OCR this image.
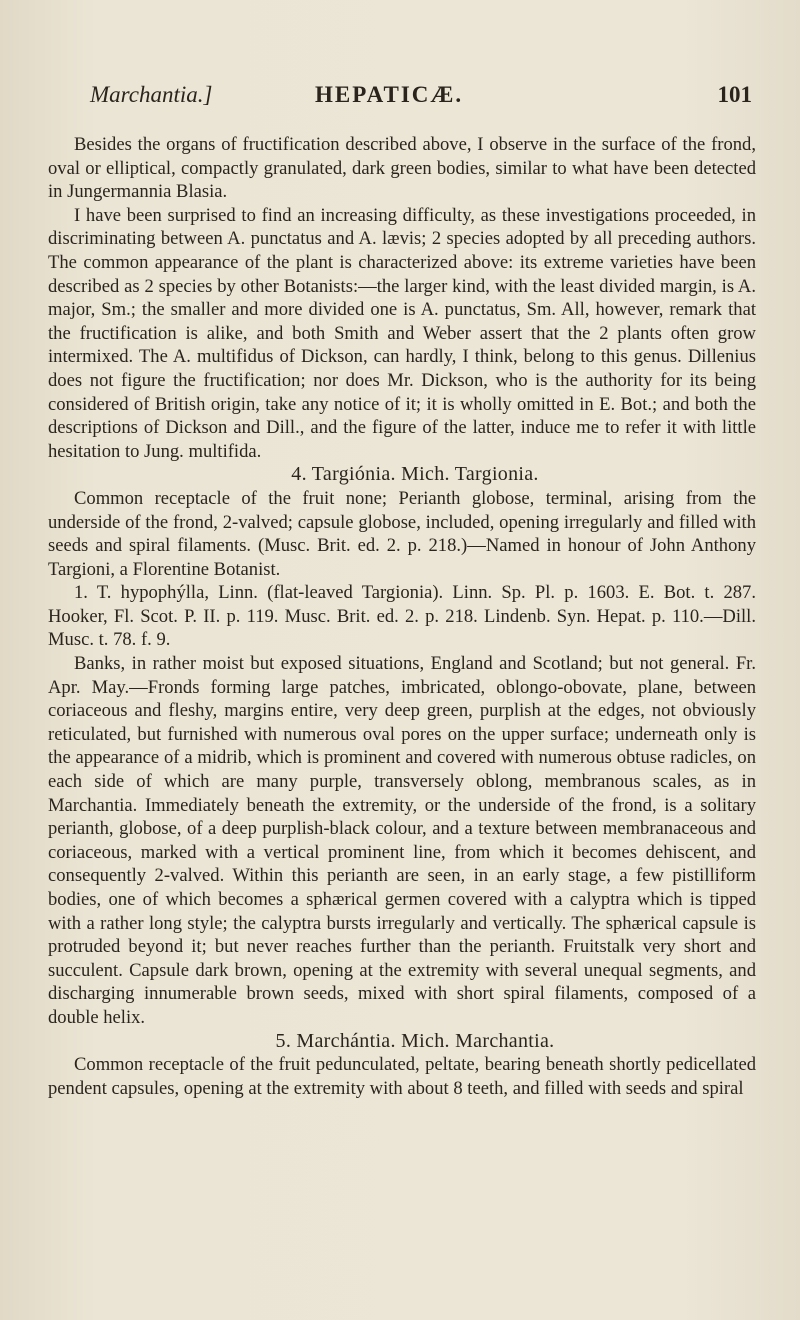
Marchantia.]	HEPATICÆ.	101

Besides the organs of fructification described above, I observe in the surface of the frond, oval or elliptical, compactly granulated, dark green bodies, similar to what have been detected in Jungermannia Blasia.

I have been surprised to find an increasing difficulty, as these investigations proceeded, in discriminating between A. punctatus and A. lævis; 2 species adopted by all preceding authors. The common appearance of the plant is characterized above: its extreme varieties have been described as 2 species by other Botanists:—the larger kind, with the least divided margin, is A. major, Sm.; the smaller and more divided one is A. punctatus, Sm. All, however, remark that the fructification is alike, and both Smith and Weber assert that the 2 plants often grow intermixed. The A. multifidus of Dickson, can hardly, I think, belong to this genus. Dillenius does not figure the fructification; nor does Mr. Dickson, who is the authority for its being considered of British origin, take any notice of it; it is wholly omitted in E. Bot.; and both the descriptions of Dickson and Dill., and the figure of the latter, induce me to refer it with little hesitation to Jung. multifida.

4. Targiónia. Mich. Targionia.

Common receptacle of the fruit none; Perianth globose, terminal, arising from the underside of the frond, 2-valved; capsule globose, included, opening irregularly and filled with seeds and spiral filaments. (Musc. Brit. ed. 2. p. 218.)—Named in honour of John Anthony Targioni, a Florentine Botanist.

1. T. hypophýlla, Linn. (flat-leaved Targionia). Linn. Sp. Pl. p. 1603. E. Bot. t. 287. Hooker, Fl. Scot. P. II. p. 119. Musc. Brit. ed. 2. p. 218. Lindenb. Syn. Hepat. p. 110.—Dill. Musc. t. 78. f. 9.

Banks, in rather moist but exposed situations, England and Scotland; but not general. Fr. Apr. May.—Fronds forming large patches, imbricated, oblongo-obovate, plane, between coriaceous and fleshy, margins entire, very deep green, purplish at the edges, not obviously reticulated, but furnished with numerous oval pores on the upper surface; underneath only is the appearance of a midrib, which is prominent and covered with numerous obtuse radicles, on each side of which are many purple, transversely oblong, membranous scales, as in Marchantia. Immediately beneath the extremity, or the underside of the frond, is a solitary perianth, globose, of a deep purplish-black colour, and a texture between membranaceous and coriaceous, marked with a vertical prominent line, from which it becomes dehiscent, and consequently 2-valved. Within this perianth are seen, in an early stage, a few pistilliform bodies, one of which becomes a sphærical germen covered with a calyptra which is tipped with a rather long style; the calyptra bursts irregularly and vertically. The sphærical capsule is protruded beyond it; but never reaches further than the perianth. Fruitstalk very short and succulent. Capsule dark brown, opening at the extremity with several unequal segments, and discharging innumerable brown seeds, mixed with short spiral filaments, composed of a double helix.

5. Marchántia. Mich. Marchantia.

Common receptacle of the fruit pedunculated, peltate, bearing beneath shortly pedicellated pendent capsules, opening at the extremity with about 8 teeth, and filled with seeds and spiral
